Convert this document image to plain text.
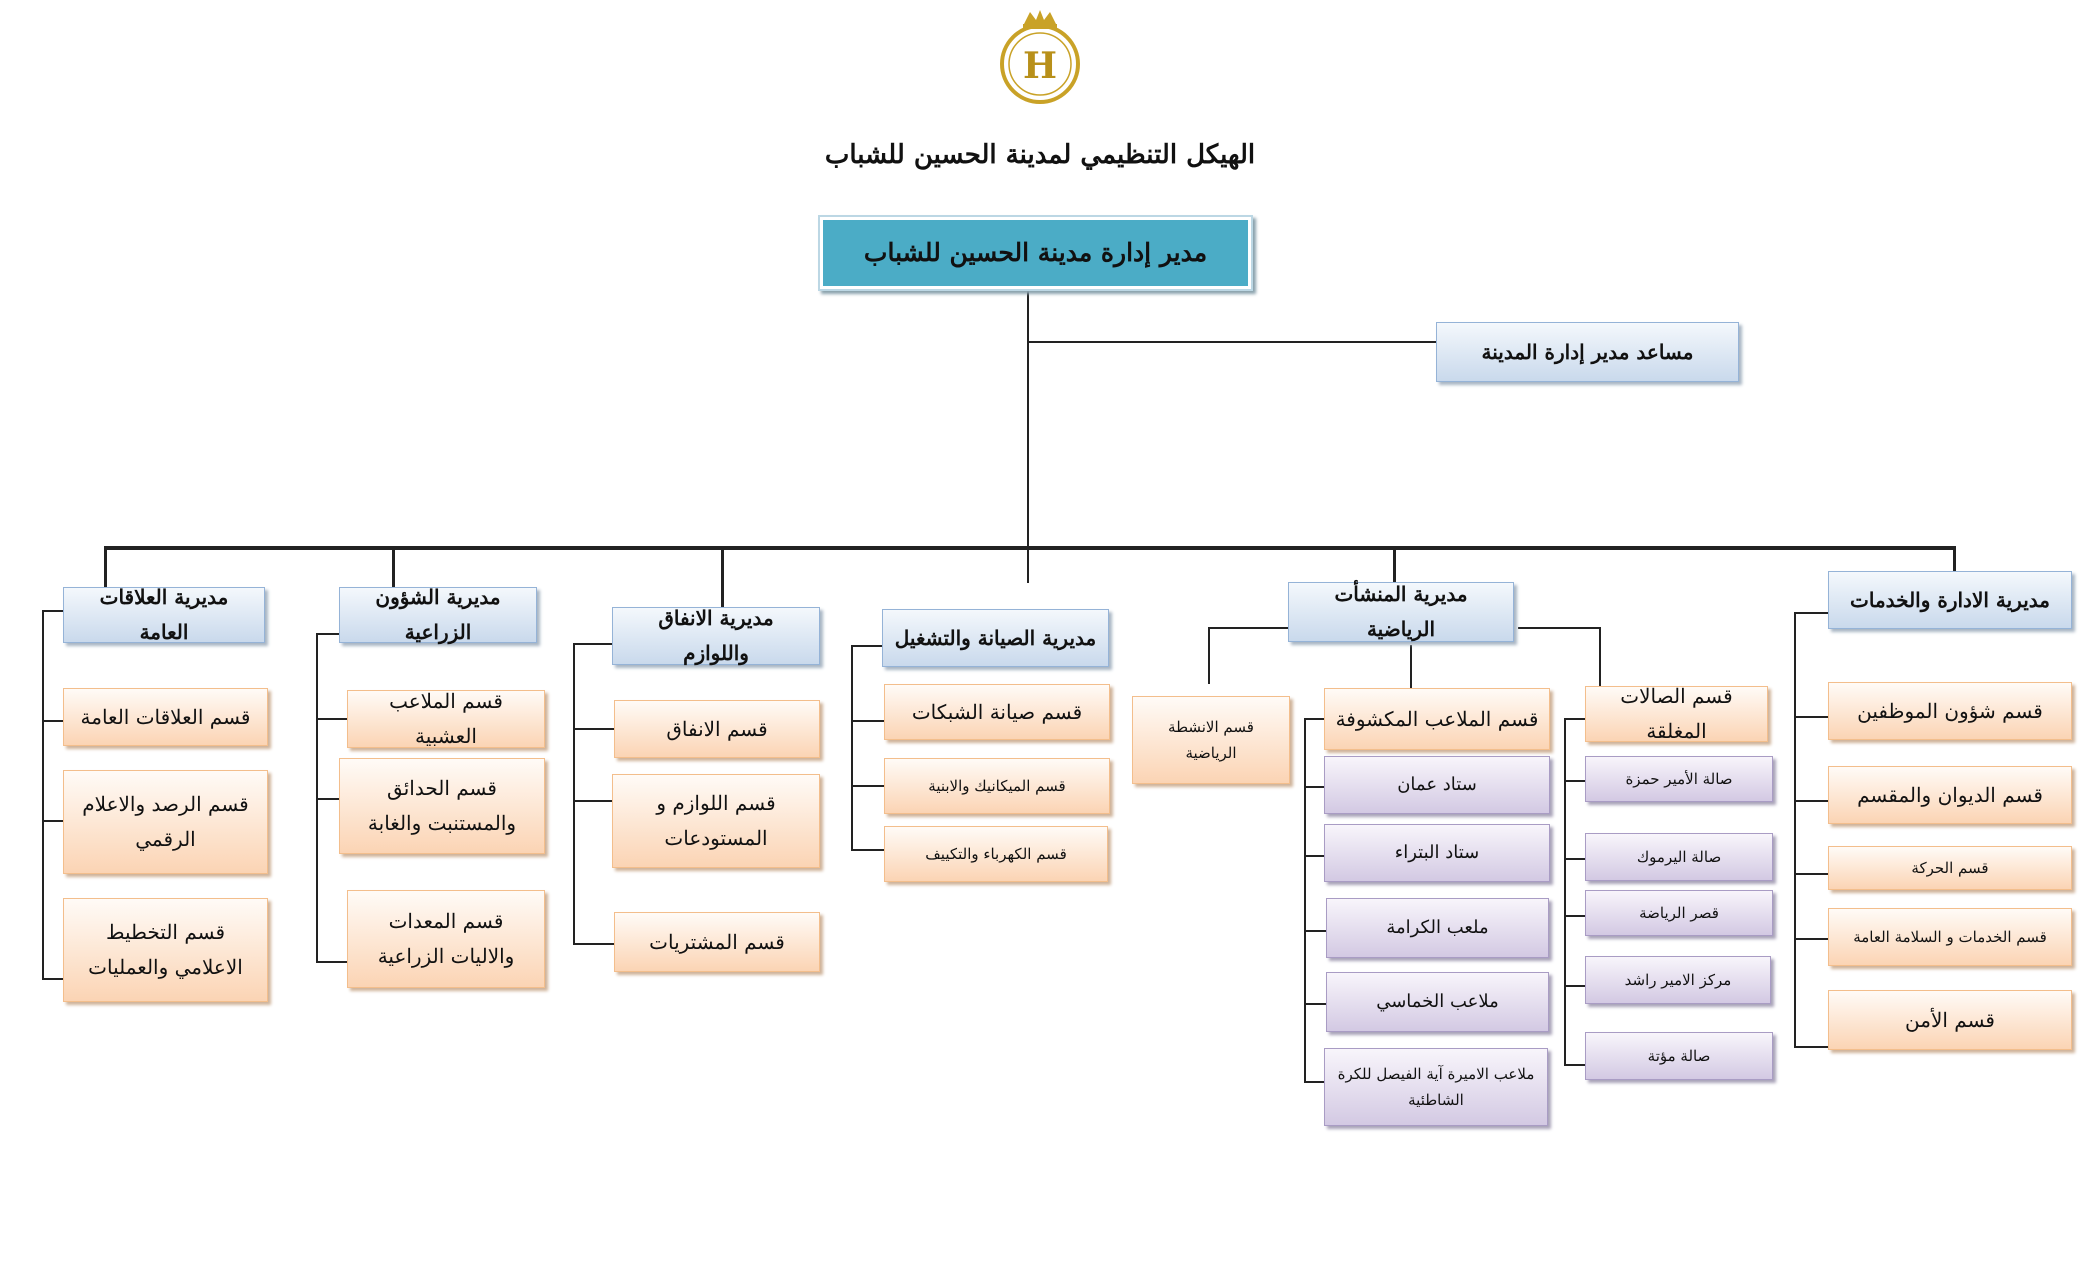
H
الهيكل التنظيمي لمدينة الحسين للشباب
مدير إدارة مدينة الحسين للشباب
مساعد مدير إدارة المدينة
مديرية الادارة والخدمات
مديرية المنشأت الرياضية
مديرية الصيانة والتشغيل
مديرية الانفاق واللوازم
مديرية الشؤون الزراعية
مديرية العلاقات العامة
قسم شؤون الموظفين
قسم الديوان والمقسم
قسم الحركة
قسم الخدمات و السلامة العامة
قسم الأمن
قسم الانشطة الرياضية
قسم الملاعب المكشوفة
قسم الصالات المغلقة
ستاد عمان
ستاد البتراء
ملعب الكرامة
ملاعب الخماسي
ملاعب الاميرة آية الفيصل للكرة الشاطئية
صالة الأمير حمزة
صالة اليرموك
قصر الرياضة
مركز الامير راشد
صالة مؤتة
قسم صيانة الشبكات
قسم الميكانيك والابنية
قسم الكهرباء والتكييف
قسم الانفاق
قسم اللوازم و المستودعات
قسم المشتريات
قسم الملاعب العشبية
قسم الحدائق والمستنبت والغابة
قسم المعدات والاليات الزراعية
قسم العلاقات العامة
قسم الرصد والاعلام الرقمي
قسم التخطيط الاعلامي والعمليات
